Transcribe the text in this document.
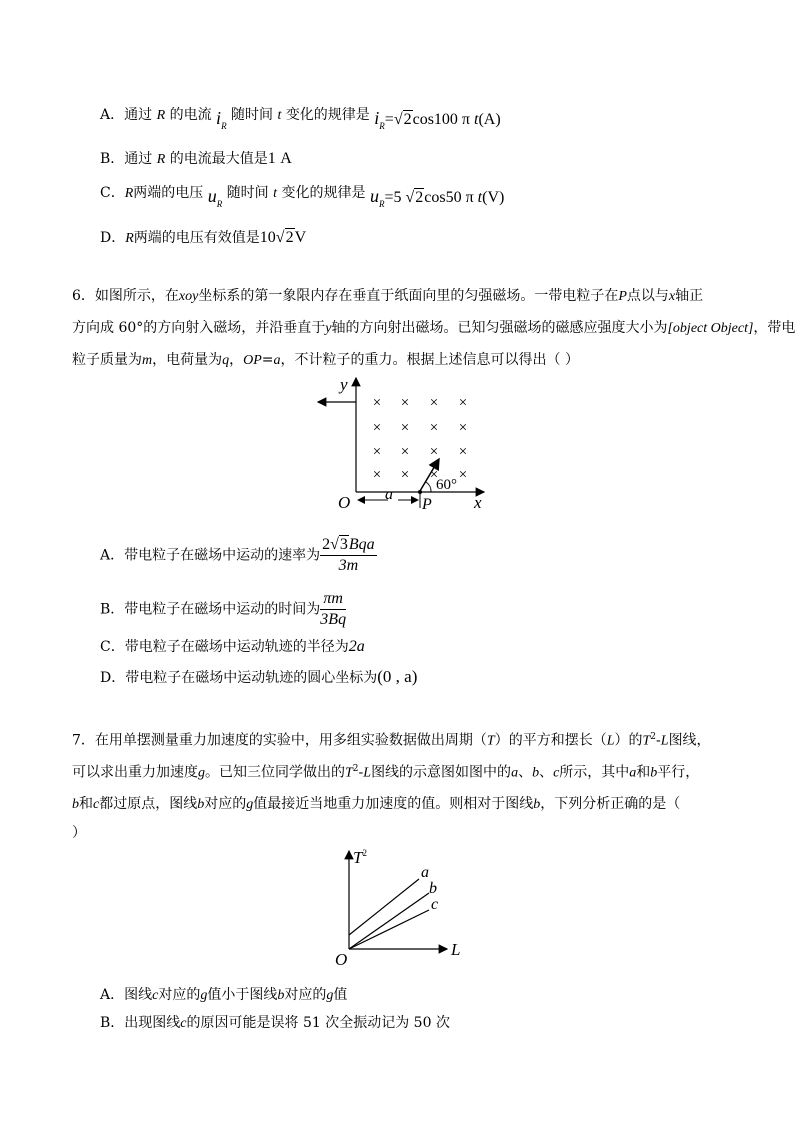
A．通过 R 的电流 $i_R$ 随时间 t 变化的规律是 $i_R=√2\cos 100$ π t(A)
B．通过 R 的电流最大值是1 A
C．R两端的电压 $u_R$ 随时间 t 变化的规律是 $u_R=5$ √2cos50 π t(V)
D．R两端的电压有效值是10√2V
6．如图所示，在xoy坐标系的第一象限内存在垂直于纸面向里的匀强磁场。一带电粒子在P点以与x轴正
方向成 60°的方向射入磁场，并沿垂直于y轴的方向射出磁场。已知匀强磁场的磁感应强度大小为[object Object]，带电
粒子质量为m，电荷量为q，OP=a，不计粒子的重力。根据上述信息可以得出（ ）
× × × ×
× × × ×
× × × ×
× × × ×
y
x
O a
P
60°
A．带电粒子在磁场中运动的速率为 $\frac{\text{2√3Bqa}}{3m}$
B．带电粒子在磁场中运动的时间为 $\frac{\pi m}{3Bq}$
C．带电粒子在磁场中运动轨迹的半径为2a
D．带电粒子在磁场中运动轨迹的圆心坐标为(0 , a)
7．在用单摆测量重力加速度的实验中，用多组实验数据做出周期（T）的平方和摆长（L）的$T^2-L$图线，
可以求出重力加速度g。已知三位同学做出的$T^2-L$图线的示意图如图中的a、b、c所示，其中a和b平行，
b和c都过原点，图线b对应的g值最接近当地重力加速度的值。则相对于图线b，下列分析正确的是（
）
$T^2$
L
O
a
b
c
A．图线c对应的g值小于图线b对应的g值
B．出现图线c的原因可能是误将 51 次全振动记为 50 次
